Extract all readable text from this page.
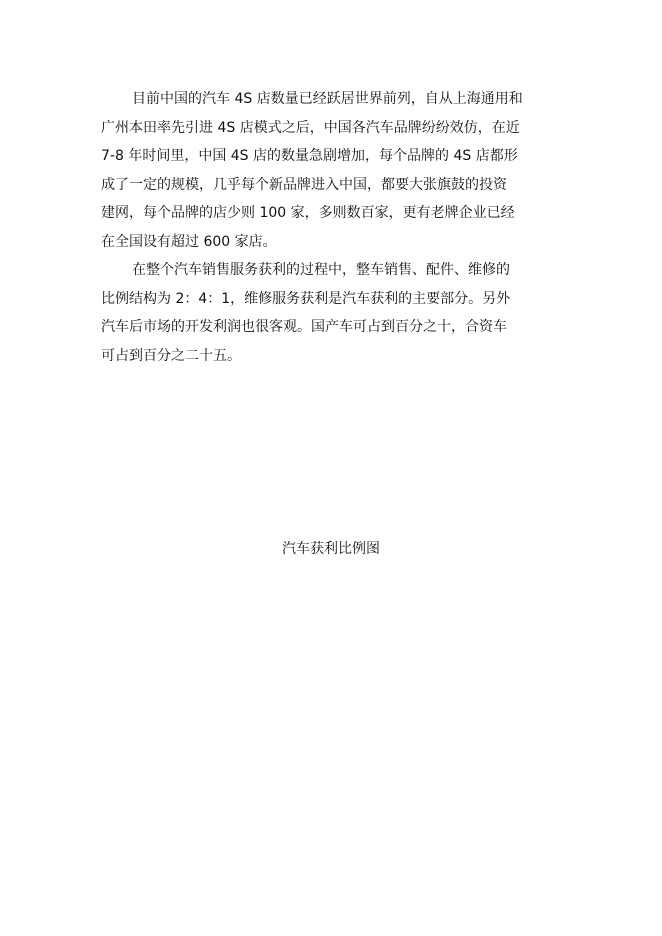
目前中国的汽车 4S 店数量已经跃居世界前列，自从上海通用和
广州本田率先引进 4S 店模式之后，中国各汽车品牌纷纷效仿，在近
7-8 年时间里，中国 4S 店的数量急剧增加，每个品牌的 4S 店都形
成了一定的规模，几乎每个新品牌进入中国，都要大张旗鼓的投资
建网，每个品牌的店少则 100 家，多则数百家，更有老牌企业已经
在全国设有超过 600 家店。
在整个汽车销售服务获利的过程中，整车销售、配件、维修的
比例结构为 2：4：1，维修服务获利是汽车获利的主要部分。另外
汽车后市场的开发利润也很客观。国产车可占到百分之十，合资车
可占到百分之二十五。
汽车获利比例图
